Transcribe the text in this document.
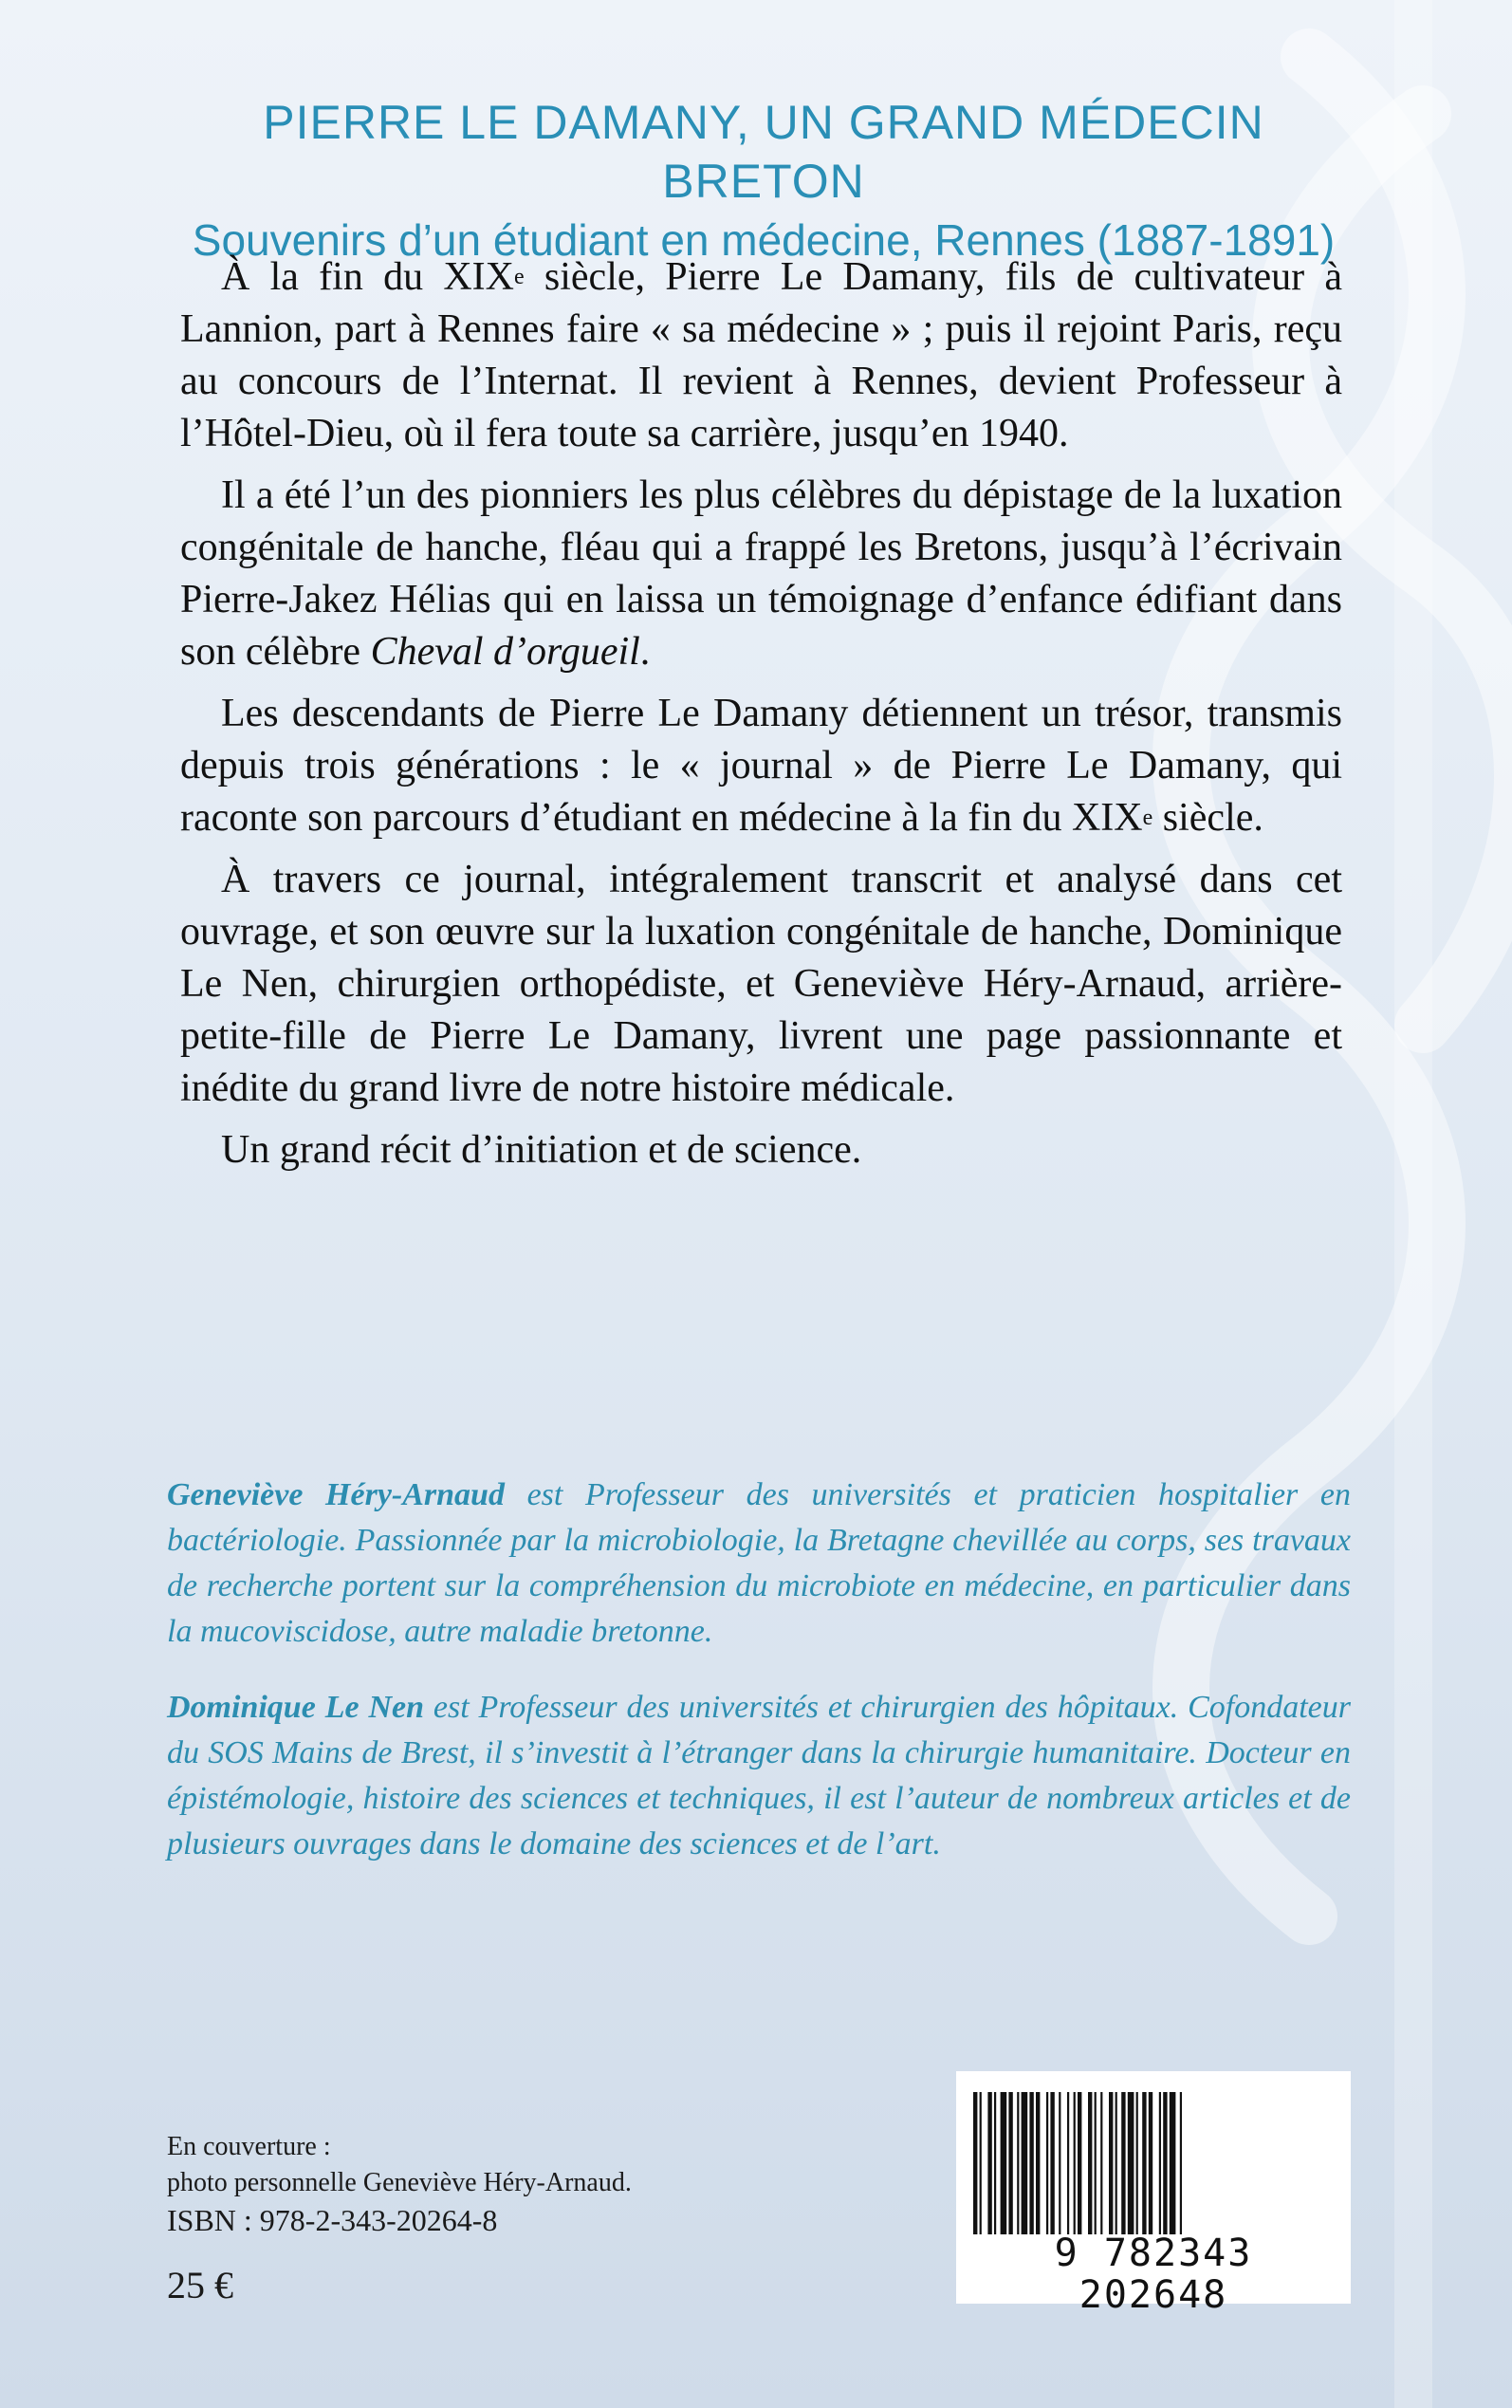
PIERRE LE DAMANY, UN GRAND MÉDECIN BRETON
Souvenirs d’un étudiant en médecine, Rennes (1887-1891)

À la fin du XIXe siècle, Pierre Le Damany, fils de cultivateur à Lannion, part à Rennes faire « sa médecine » ; puis il rejoint Paris, reçu au concours de l’Internat. Il revient à Rennes, devient Professeur à l’Hôtel-Dieu, où il fera toute sa carrière, jusqu’en 1940.

Il a été l’un des pionniers les plus célèbres du dépistage de la luxation congénitale de hanche, fléau qui a frappé les Bretons, jusqu’à l’écrivain Pierre-Jakez Hélias qui en laissa un témoignage d’enfance édifiant dans son célèbre Cheval d’orgueil.

Les descendants de Pierre Le Damany détiennent un trésor, transmis depuis trois générations : le « journal » de Pierre Le Damany, qui raconte son parcours d’étudiant en médecine à la fin du XIXe siècle.

À travers ce journal, intégralement transcrit et analysé dans cet ouvrage, et son œuvre sur la luxation congénitale de hanche, Dominique Le Nen, chirurgien orthopédiste, et Geneviève Héry-Arnaud, arrière-petite-fille de Pierre Le Damany, livrent une page passionnante et inédite du grand livre de notre histoire médicale.

Un grand récit d’initiation et de science.

Geneviève Héry-Arnaud est Professeur des universités et praticien hospitalier en bactériologie. Passionnée par la microbiologie, la Bretagne chevillée au corps, ses travaux de recherche portent sur la compréhension du microbiote en médecine, en particulier dans la mucoviscidose, autre maladie bretonne.

Dominique Le Nen est Professeur des universités et chirurgien des hôpitaux. Cofondateur du SOS Mains de Brest, il s’investit à l’étranger dans la chirurgie humanitaire. Docteur en épistémologie, histoire des sciences et techniques, il est l’auteur de nombreux articles et de plusieurs ouvrages dans le domaine des sciences et de l’art.

En couverture :
photo personnelle Geneviève Héry-Arnaud.
ISBN : 978-2-343-20264-8
25 €
9 782343 202648
